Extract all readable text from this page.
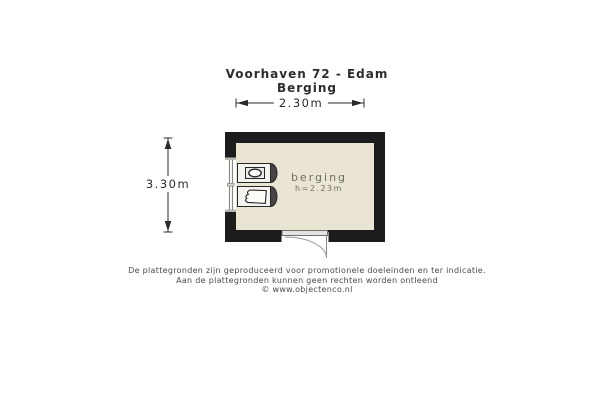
Voorhaven 72 - Edam
Berging
berging
h=2.23m
2.30m
3.30m
De plattegronden zijn geproduceerd voor promotionele doeleinden en ter indicatie.
Aan de plattegronden kunnen geen rechten worden ontleend
© www.objectenco.nl
